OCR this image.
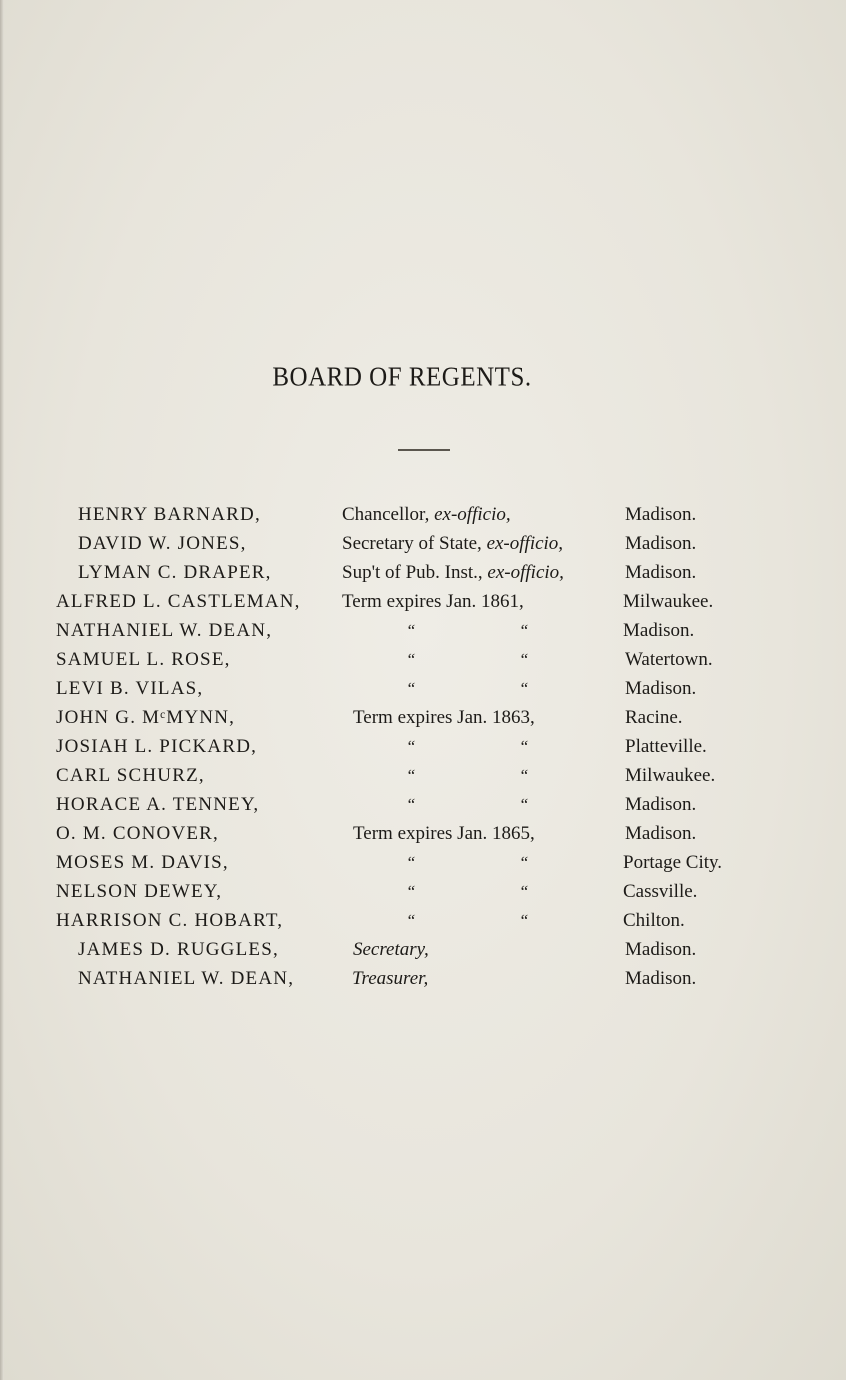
BOARD OF REGENTS.
HENRY BARNARD,	Chancellor, ex-officio,	Madison.
DAVID W. JONES,	Secretary of State, ex-officio,	Madison.
LYMAN C. DRAPER,	Sup't of Pub. Inst., ex-officio,	Madison.
ALFRED L. CASTLEMAN, Term expires Jan. 1861,	Milwaukee.
NATHANIEL W. DEAN,	“	“	Madison.
SAMUEL L. ROSE,	“	“	Watertown.
LEVI B. VILAS,	“	“	Madison.
JOHN G. MᶜMYNN,	Term expires Jan. 1863,	Racine.
JOSIAH L. PICKARD,	“	“	Platteville.
CARL SCHURZ,	“	“	Milwaukee.
HORACE A. TENNEY,	“	“	Madison.
O. M. CONOVER,	Term expires Jan. 1865,	Madison.
MOSES M. DAVIS,	“	“	Portage City.
NELSON DEWEY,	“	“	Cassville.
HARRISON C. HOBART,	“	“	Chilton.
JAMES D. RUGGLES,	Secretary,	Madison.
NATHANIEL W. DEAN,	Treasurer,	Madison.
